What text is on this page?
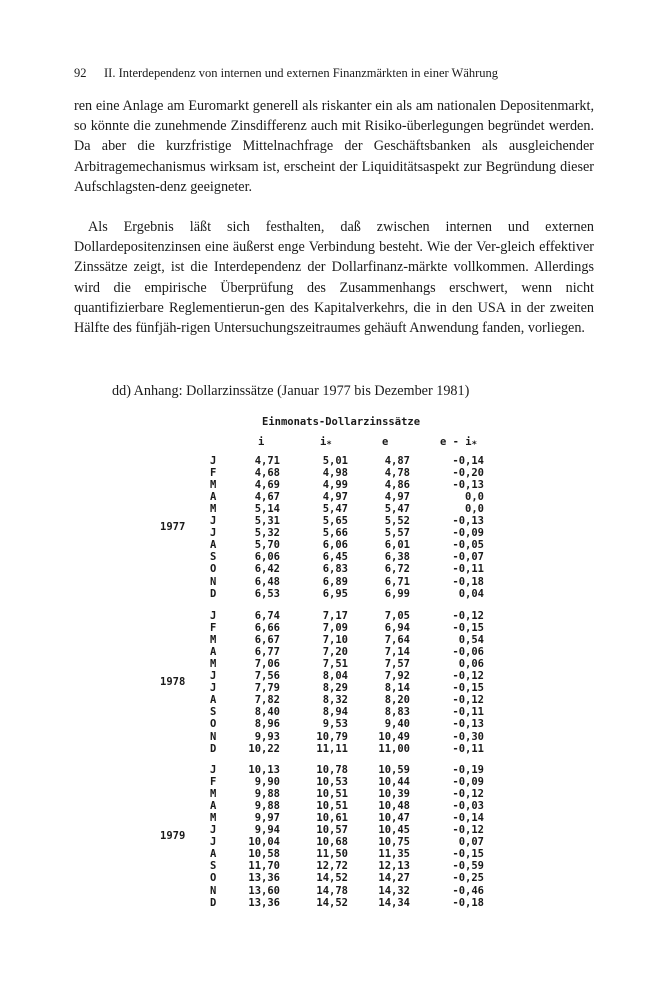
92 II. Interdependenz von internen und externen Finanzmärkten in einer Währung

ren eine Anlage am Euromarkt generell als riskanter ein als am nationalen Depositenmarkt, so könnte die zunehmende Zinsdifferenz auch mit Risiko-überlegungen begründet werden. Da aber die kurzfristige Mittelnachfrage der Geschäftsbanken als ausgleichender Arbitragemechanismus wirksam ist, erscheint der Liquiditätsaspekt zur Begründung dieser Aufschlagsten-denz geeigneter.

Als Ergebnis läßt sich festhalten, daß zwischen internen und externen Dollardepositenzinsen eine äußerst enge Verbindung besteht. Wie der Ver-gleich effektiver Zinssätze zeigt, ist die Interdependenz der Dollarfinanz-märkte vollkommen. Allerdings wird die empirische Überprüfung des Zusammenhangs erschwert, wenn nicht quantifizierbare Reglementierun-gen des Kapitalverkehrs, die in den USA in der zweiten Hälfte des fünfjäh-rigen Untersuchungszeitraumes gehäuft Anwendung fanden, vorliegen.

dd) Anhang: Dollarzinssätze (Januar 1977 bis Dezember 1981)
Einmonats-Dollarzinssätze
i	$i_*$	e	e - $i_*$
1977
J	4,71	5,01	4,87	-0,14
F	4,68	4,98	4,78	-0,20
M	4,69	4,99	4,86	-0,13
A	4,67	4,97	4,97	0,0
M	5,14	5,47	5,47	0,0
J	5,31	5,65	5,52	-0,13
J	5,32	5,66	5,57	-0,09
A	5,70	6,06	6,01	-0,05
S	6,06	6,45	6,38	-0,07
O	6,42	6,83	6,72	-0,11
N	6,48	6,89	6,71	-0,18
D	6,53	6,95	6,99	0,04
1978
J	6,74	7,17	7,05	-0,12
F	6,66	7,09	6,94	-0,15
M	6,67	7,10	7,64	0,54
A	6,77	7,20	7,14	-0,06
M	7,06	7,51	7,57	0,06
J	7,56	8,04	7,92	-0,12
J	7,79	8,29	8,14	-0,15
A	7,82	8,32	8,20	-0,12
S	8,40	8,94	8,83	-0,11
O	8,96	9,53	9,40	-0,13
N	9,93	10,79	10,49	-0,30
D	10,22	11,11	11,00	-0,11
1979
J	10,13	10,78	10,59	-0,19
F	9,90	10,53	10,44	-0,09
M	9,88	10,51	10,39	-0,12
A	9,88	10,51	10,48	-0,03
M	9,97	10,61	10,47	-0,14
J	9,94	10,57	10,45	-0,12
J	10,04	10,68	10,75	0,07
A	10,58	11,50	11,35	-0,15
S	11,70	12,72	12,13	-0,59
O	13,36	14,52	14,27	-0,25
N	13,60	14,78	14,32	-0,46
D	13,36	14,52	14,34	-0,18
